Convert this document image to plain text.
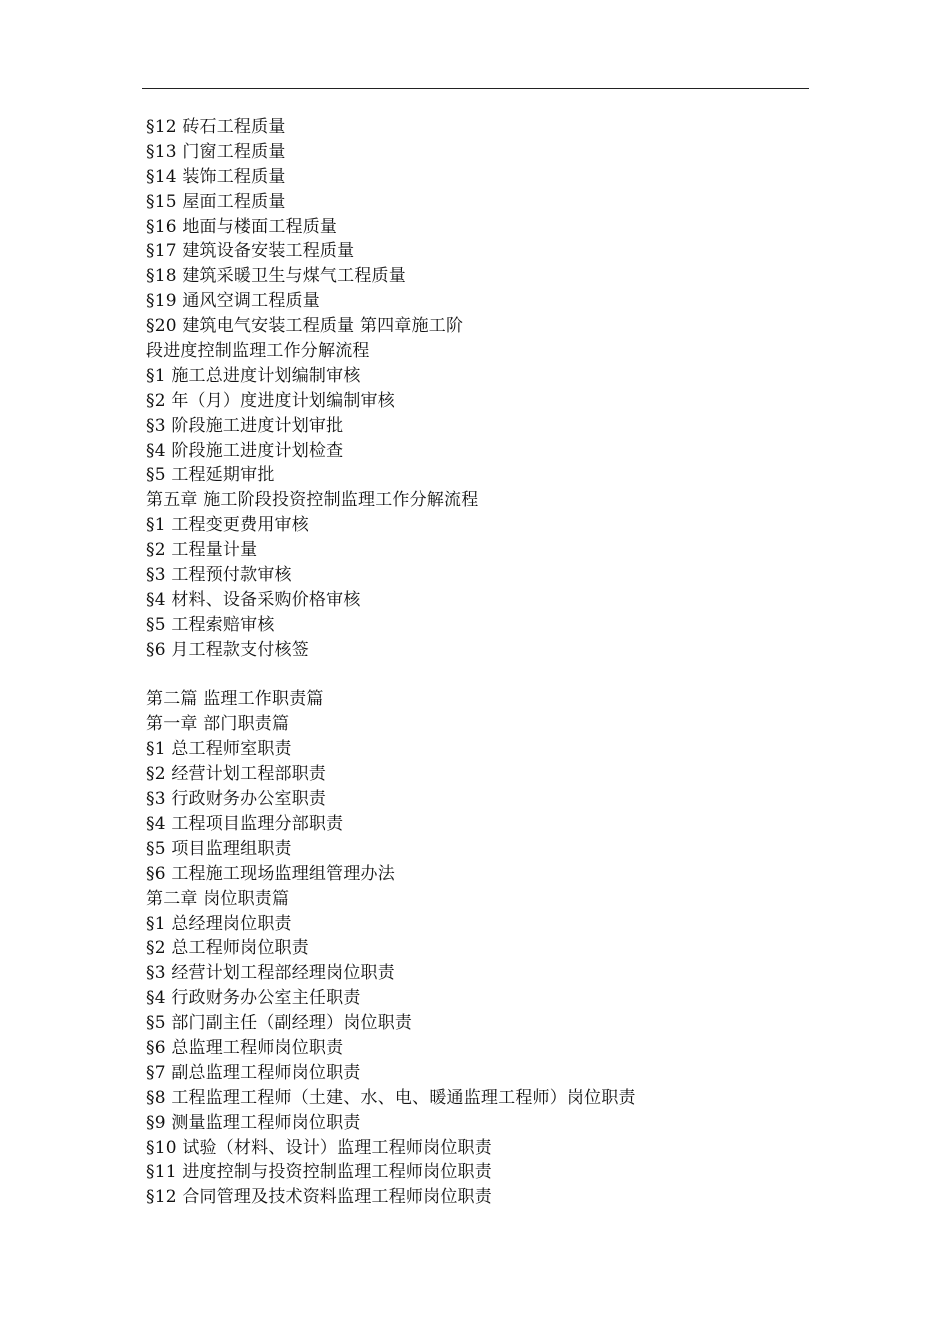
§12 砖石工程质量
§13 门窗工程质量
§14 装饰工程质量
§15 屋面工程质量
§16 地面与楼面工程质量
§17 建筑设备安装工程质量
§18 建筑采暖卫生与煤气工程质量
§19 通风空调工程质量
§20 建筑电气安装工程质量 第四章施工阶
段进度控制监理工作分解流程
§1 施工总进度计划编制审核
§2 年（月）度进度计划编制审核
§3 阶段施工进度计划审批
§4 阶段施工进度计划检查
§5 工程延期审批
第五章 施工阶段投资控制监理工作分解流程
§1 工程变更费用审核
§2 工程量计量
§3 工程预付款审核
§4 材料、设备采购价格审核
§5 工程索赔审核
§6 月工程款支付核签
第二篇 监理工作职责篇
第一章 部门职责篇
§1 总工程师室职责
§2 经营计划工程部职责
§3 行政财务办公室职责
§4 工程项目监理分部职责
§5 项目监理组职责
§6 工程施工现场监理组管理办法
第二章 岗位职责篇
§1 总经理岗位职责
§2 总工程师岗位职责
§3 经营计划工程部经理岗位职责
§4 行政财务办公室主任职责
§5 部门副主任（副经理）岗位职责
§6 总监理工程师岗位职责
§7 副总监理工程师岗位职责
§8 工程监理工程师（土建、水、电、暖通监理工程师）岗位职责
§9 测量监理工程师岗位职责
§10 试验（材料、设计）监理工程师岗位职责
§11 进度控制与投资控制监理工程师岗位职责
§12 合同管理及技术资料监理工程师岗位职责
